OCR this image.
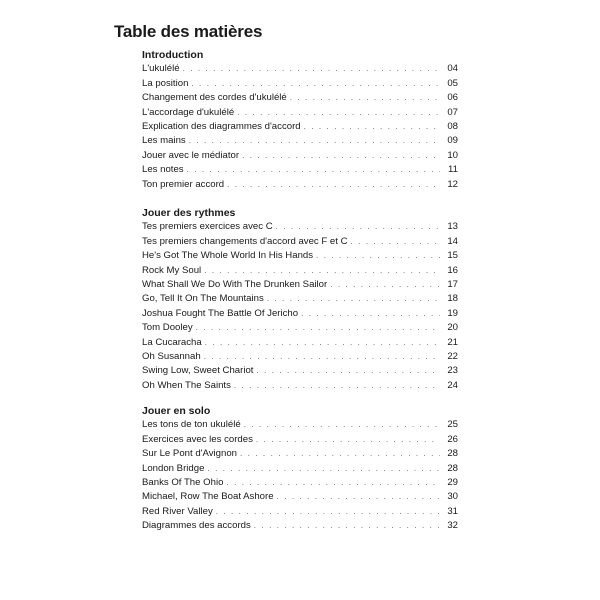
Table des matières
Introduction
L'ukulélé . . .	04
La position . . .	05
Changement des cordes d'ukulélé . . .	06
L'accordage d'ukulélé . . .	07
Explication des diagrammes d'accord . . .	08
Les mains . . .	09
Jouer avec le médiator . . .	10
Les notes . . .	11
Ton premier accord . . .	12
Jouer des rythmes
Tes premiers exercices avec C . . .	13
Tes premiers changements d'accord avec F et C . . .	14
He's Got The Whole World In His Hands . . .	15
Rock My Soul . . .	16
What Shall We Do With The Drunken Sailor . . .	17
Go, Tell It On The Mountains . . .	18
Joshua Fought The Battle Of Jericho . . .	19
Tom Dooley . . .	20
La Cucaracha . . .	21
Oh Susannah . . .	22
Swing Low, Sweet Chariot . . .	23
Oh When The Saints . . .	24
Jouer en solo
Les tons de ton ukulélé . . .	25
Exercices avec les cordes . . .	26
Sur Le Pont d'Avignon . . .	28
London Bridge . . .	28
Banks Of The Ohio . . .	29
Michael, Row The Boat Ashore . . .	30
Red River Valley . . .	31
Diagrammes des accords . . .	32
